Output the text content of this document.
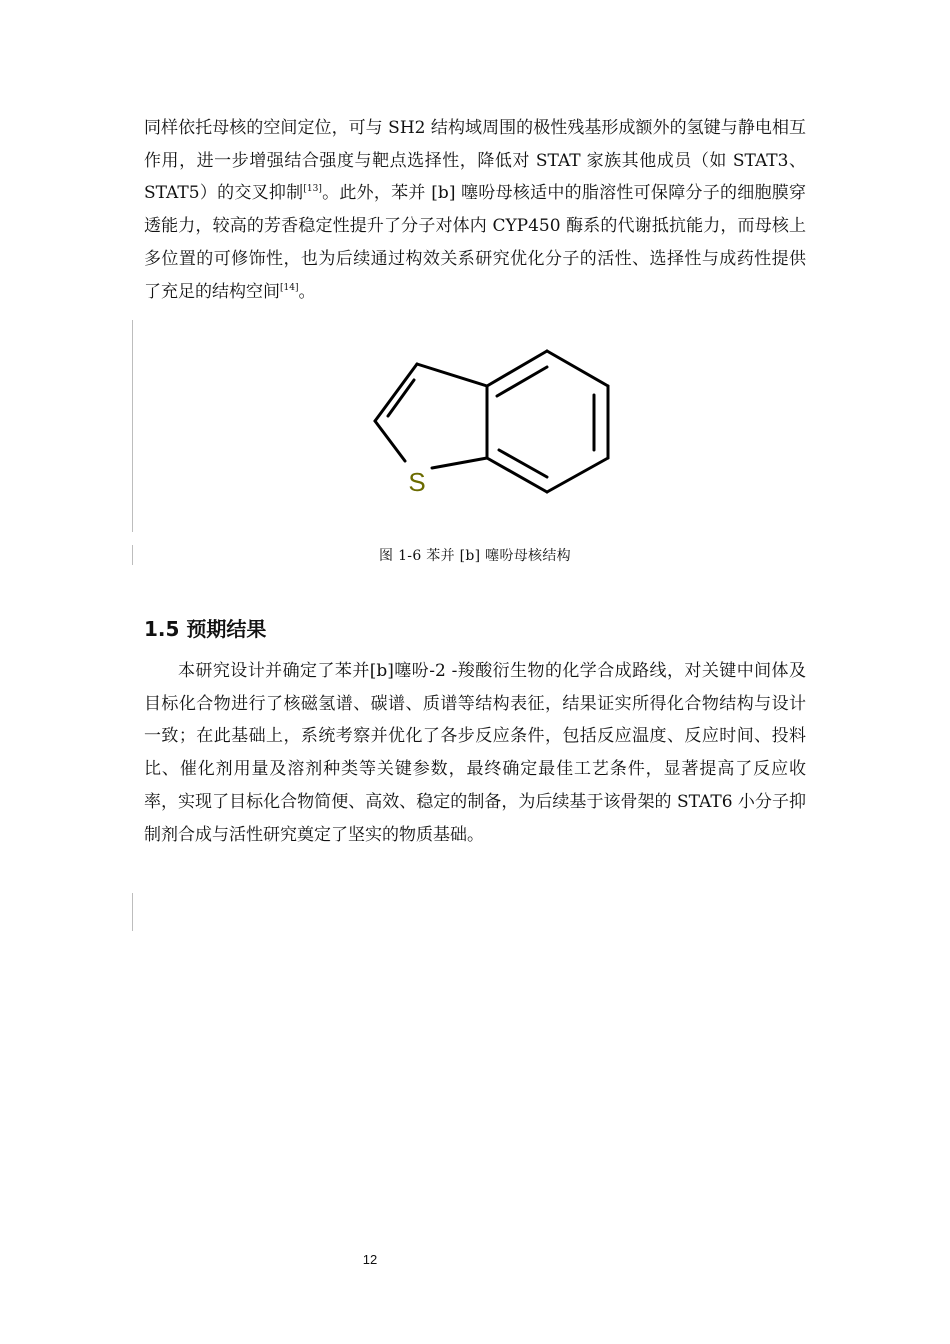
同样依托母核的空间定位，可与 SH2 结构域周围的极性残基形成额外的氢键与静电相互作用，进一步增强结合强度与靶点选择性，降低对 STAT 家族其他成员（如 STAT3、STAT5）的交叉抑制[13]。此外，苯并 [b] 噻吩母核适中的脂溶性可保障分子的细胞膜穿透能力，较高的芳香稳定性提升了分子对体内 CYP450 酶系的代谢抵抗能力，而母核上多位置的可修饰性，也为后续通过构效关系研究优化分子的活性、选择性与成药性提供了充足的结构空间[14]。

S
图 1-6 苯并 [b] 噻吩母核结构
1.5 预期结果

本研究设计并确定了苯并[b]噻吩-2 -羧酸衍生物的化学合成路线，对关键中间体及目标化合物进行了核磁氢谱、碳谱、质谱等结构表征，结果证实所得化合物结构与设计一致；在此基础上，系统考察并优化了各步反应条件，包括反应温度、反应时间、投料比、催化剂用量及溶剂种类等关键参数，最终确定最佳工艺条件，显著提高了反应收率，实现了目标化合物简便、高效、稳定的制备，为后续基于该骨架的 STAT6 小分子抑制剂合成与活性研究奠定了坚实的物质基础。

12
